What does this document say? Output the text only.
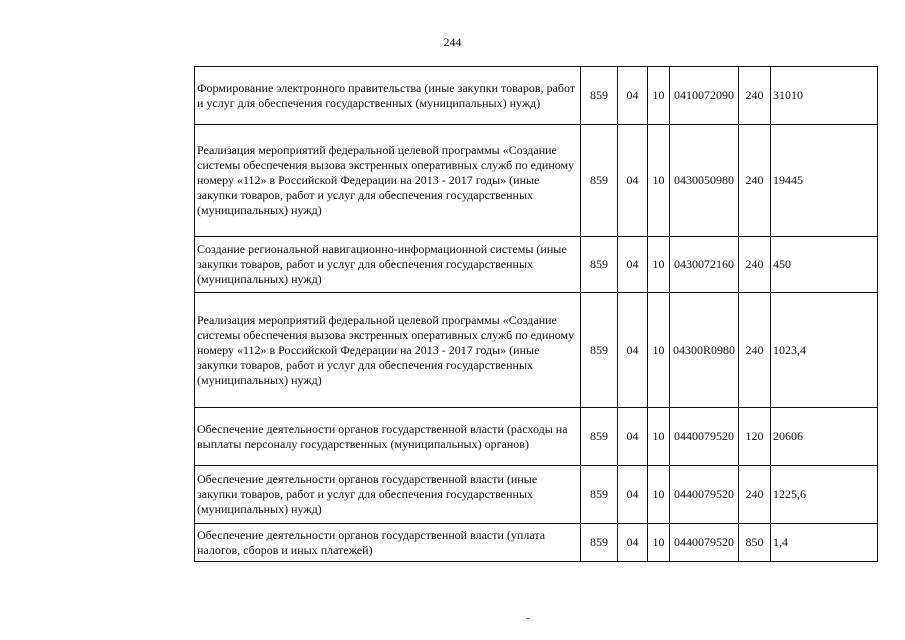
244
Формирование электронного правительства (иные закупки товаров, работ и услуг для обеспечения государственных (муниципальных) нужд)	859	04	10	0410072090	240	31010
Реализация мероприятий федеральной целевой программы «Создание системы обеспечения вызова экстренных оперативных служб по единому номеру «112» в Российской Федерации на 2013 - 2017 годы» (иные закупки товаров, работ и услуг для обеспечения государственных (муниципальных) нужд)	859	04	10	0430050980	240	19445
Создание региональной навигационно-информационной системы (иные закупки товаров, работ и услуг для обеспечения государственных (муниципальных) нужд)	859	04	10	0430072160	240	450
Реализация мероприятий федеральной целевой программы «Создание системы обеспечения вызова экстренных оперативных служб по единому номеру «112» в Российской Федерации на 2013 - 2017 годы» (иные закупки товаров, работ и услуг для обеспечения государственных (муниципальных) нужд)	859	04	10	04300R0980	240	1023,4
Обеспечение деятельности органов государственной власти (расходы на выплаты персоналу государственных (муниципальных) органов)	859	04	10	0440079520	120	20606
Обеспечение деятельности органов государственной власти (иные закупки товаров, работ и услуг для обеспечения государственных (муниципальных) нужд)	859	04	10	0440079520	240	1225,6
Обеспечение деятельности органов государственной власти (уплата налогов, сборов и иных платежей)	859	04	10	0440079520	850	1,4
